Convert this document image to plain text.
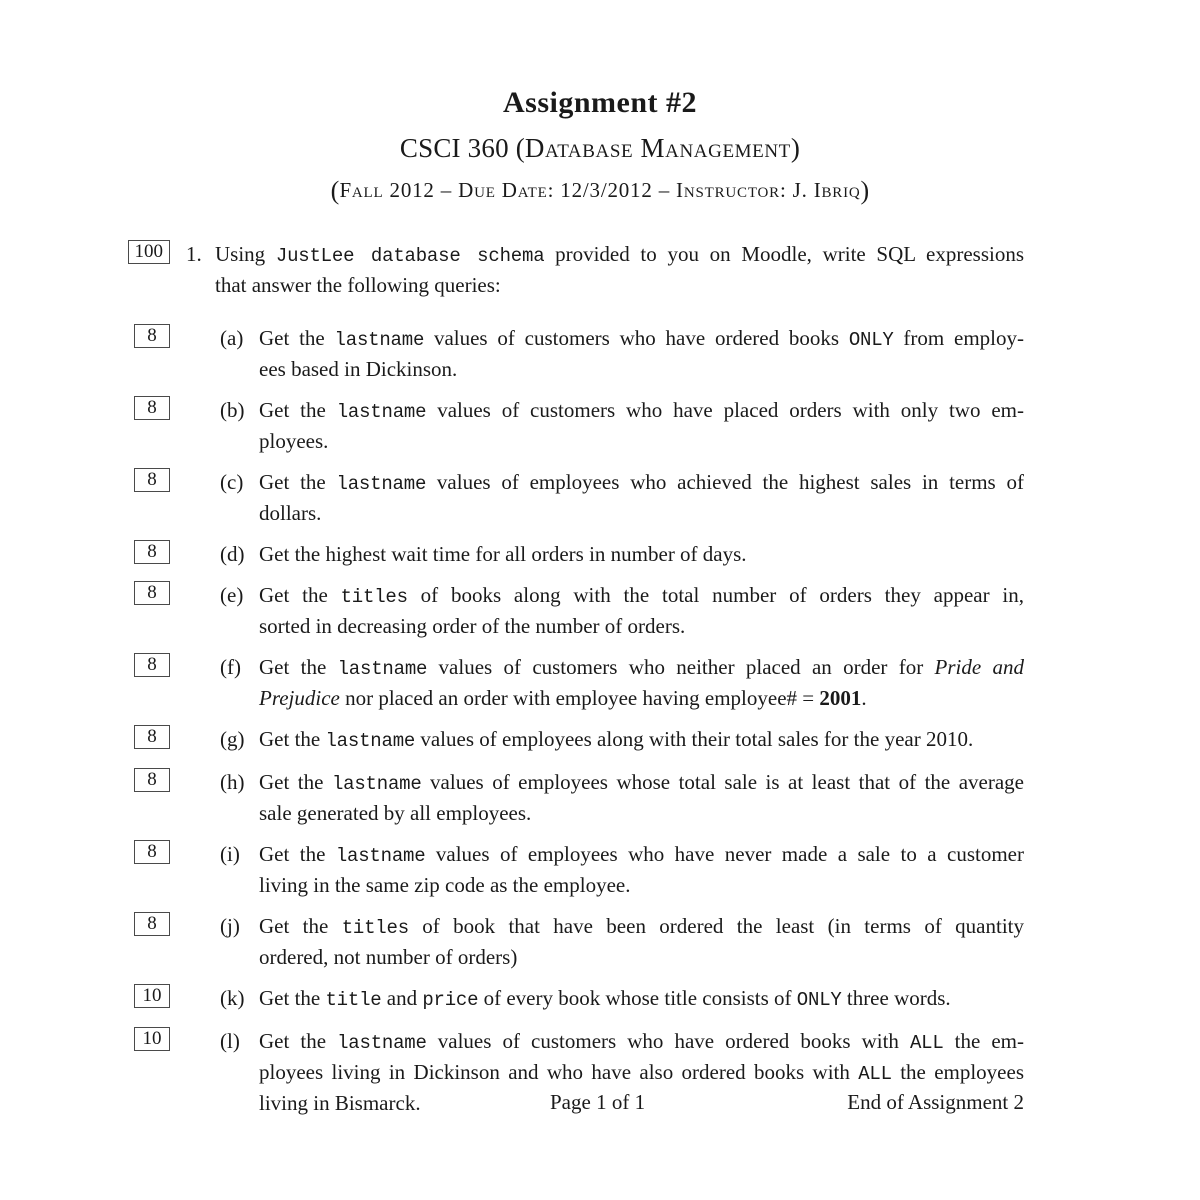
Assignment #2
CSCI 360 (Database Management)
(Fall 2012 – Due Date: 12/3/2012 – Instructor: J. Ibriq)
100	1. Using JustLee database schema provided to you on Moodle, write SQL expressions
that answer the following queries:
8	(a) Get the lastname values of customers who have ordered books ONLY from employ-
ees based in Dickinson.
8	(b) Get the lastname values of customers who have placed orders with only two em-
ployees.
8	(c) Get the lastname values of employees who achieved the highest sales in terms of
dollars.
8	(d) Get the highest wait time for all orders in number of days.
8	(e) Get the titles of books along with the total number of orders they appear in,
sorted in decreasing order of the number of orders.
8	(f) Get the lastname values of customers who neither placed an order for Pride and
Prejudice nor placed an order with employee having employee# = 2001.
8	(g) Get the lastname values of employees along with their total sales for the year 2010.
8	(h) Get the lastname values of employees whose total sale is at least that of the average
sale generated by all employees.
8	(i) Get the lastname values of employees who have never made a sale to a customer
living in the same zip code as the employee.
8	(j) Get the titles of book that have been ordered the least (in terms of quantity
ordered, not number of orders)
10	(k) Get the title and price of every book whose title consists of ONLY three words.
10	(l) Get the lastname values of customers who have ordered books with ALL the em-
ployees living in Dickinson and who have also ordered books with ALL the employees
living in Bismarck.	Page 1 of 1	End of Assignment 2
